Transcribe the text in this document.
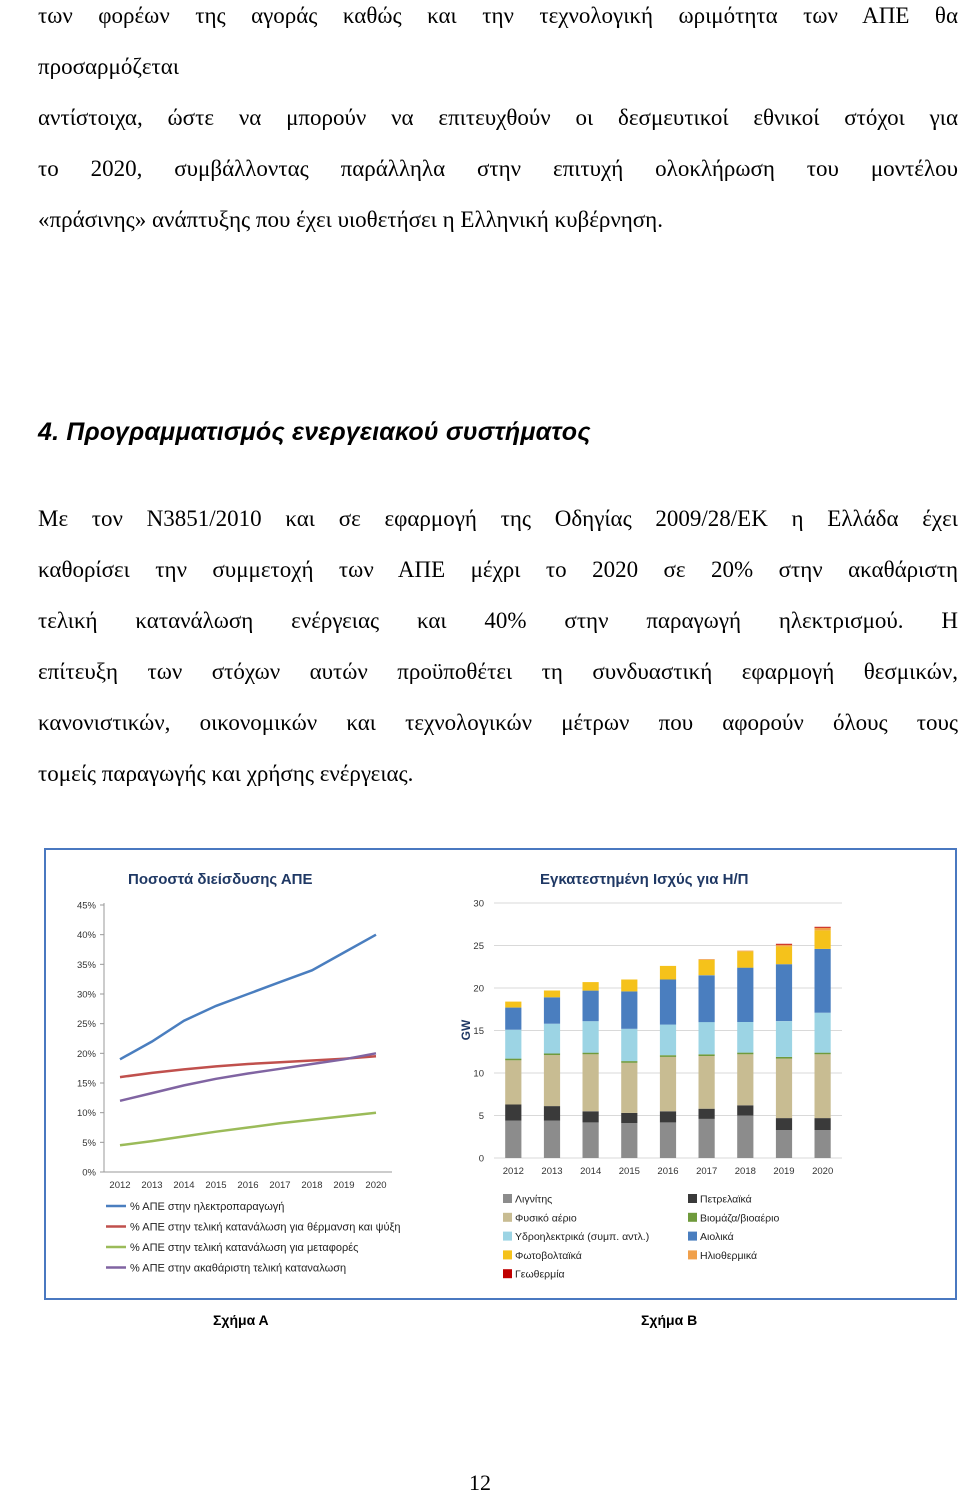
των φορέων της αγοράς καθώς και την τεχνολογική ωριμότητα των ΑΠΕ θα
προσαρμόζεται
αντίστοιχα, ώστε να μπορούν να επιτευχθούν οι δεσμευτικοί εθνικοί στόχοι για
το 2020, συμβάλλοντας παράλληλα στην επιτυχή ολοκλήρωση του μοντέλου
«πράσινης» ανάπτυξης που έχει υιοθετήσει η Ελληνική κυβέρνηση.
4. Προγραμματισμός ενεργειακού συστήματος
Με τον Ν3851/2010 και σε εφαρμογή της Οδηγίας 2009/28/ΕΚ η Ελλάδα έχει
καθορίσει την συμμετοχή των ΑΠΕ μέχρι το 2020 σε 20% στην ακαθάριστη
τελική κατανάλωση ενέργειας και 40% στην παραγωγή ηλεκτρισμού. Η
επίτευξη των στόχων αυτών προϋποθέτει τη συνδυαστική εφαρμογή θεσμικών,
κανονιστικών, οικονομικών και τεχνολογικών μέτρων που αφορούν όλους τους
τομείς παραγωγής και χρήσης ενέργειας.
Ποσοστά διείσδυσης ΑΠΕ
0%
5%
10%
15%
20%
25%
30%
35%
40%
45%
2012 2013 2014 2015 2016 2017 2018 2019 2020
% ΑΠΕ στην ηλεκτροπαραγωγή
% ΑΠΕ στην τελική κατανάλωση για θέρμανση και ψύξη
% ΑΠΕ στην τελική κατανάλωση για μεταφορές
% ΑΠΕ στην ακαθάριστη τελική καταναλωση
Εγκατεστημένη Ισχύς για Η/Π
GW
0
5
10
15
20
25
30
2012 2013 2014 2015 2016 2017 2018 2019 2020
Λιγνίτης	Πετρελαϊκά
Φυσικό αέριο	Βιομάζα/βιοαέριο
Υδροηλεκτρικά (συμπ. αντλ.)	Αιολικά
Φωτοβολταϊκά	Ηλιοθερμικά
Γεωθερμία
Σχήμα Α	Σχήμα Β
12
